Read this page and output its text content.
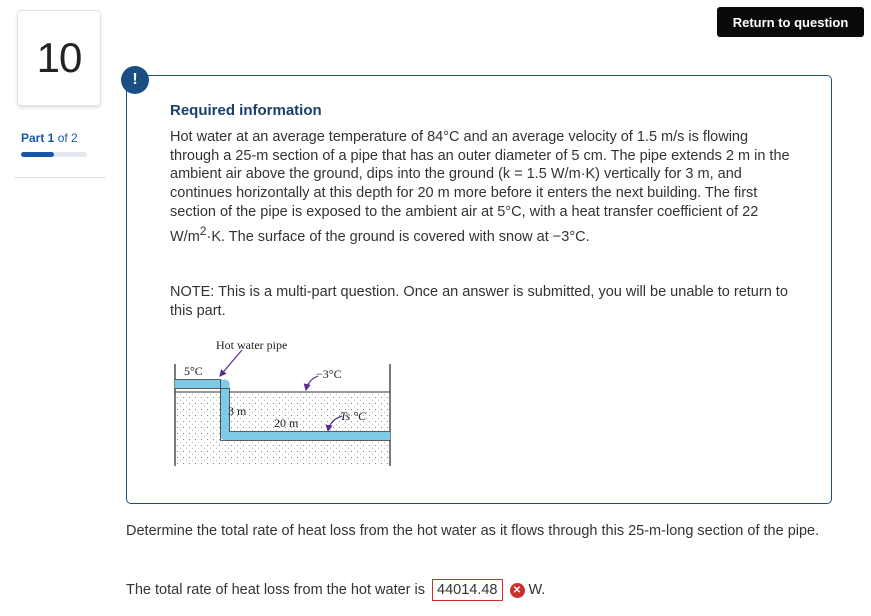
10
Part 1 of 2
Return to question
Required information
Hot water at an average temperature of 84°C and an average velocity of 1.5 m/s is flowing through a 25-m section of a pipe that has an outer diameter of 5 cm. The pipe extends 2 m in the ambient air above the ground, dips into the ground (k = 1.5 W/m·K) vertically for 3 m, and continues horizontally at this depth for 20 m more before it enters the next building. The first section of the pipe is exposed to the ambient air at 5°C, with a heat transfer coefficient of 22 $W/m^2\cdot K$. The surface of the ground is covered with snow at −3°C.
NOTE: This is a multi-part question. Once an answer is submitted, you will be unable to return to this part.
!
Hot water pipe
5°C	−3°C
3 m
20 m	Ts °C
Determine the total rate of heat loss from the hot water as it flows through this 25-m-long section of the pipe.
The total rate of heat loss from the hot water is 44014.48	✕ W.
